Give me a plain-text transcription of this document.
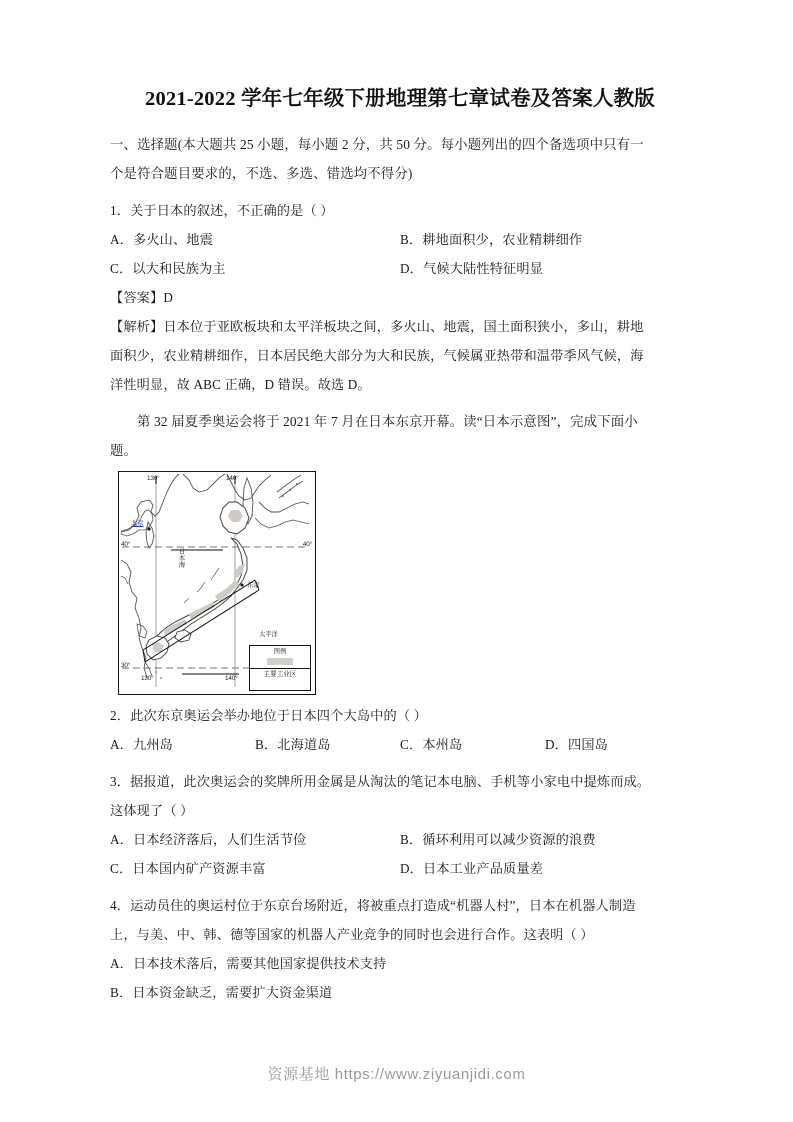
2021-2022 学年七年级下册地理第七章试卷及答案人教版

一、选择题(本大题共 25 小题，每小题 2 分，共 50 分。每小题列出的四个备选项中只有一

个是符合题目要求的，不选、多选、错选均不得分)

1．关于日本的叙述，不正确的是（ ）
A．多火山、地震	B．耕地面积少，农业精耕细作
C．以大和民族为主	D．气候大陆性特征明显
【答案】D
【解析】日本位于亚欧板块和太平洋板块之间，多火山、地震，国土面积狭小，多山，耕地
面积少，农业精耕细作，日本居民绝大部分为大和民族，气候属亚热带和温带季风气候，海
洋性明显，故 ABC 正确，D 错误。故选 D。

第 32 届夏季奥运会将于 2021 年 7 月在日本东京开幕。读“日本示意图”，完成下面小

题。

130°	140°
40°	40°
30°
130°	140°
北京
东京
日本海
太平洋
图例
主要工业区
2．此次东京奥运会举办地位于日本四个大岛中的（ ）
A．九州岛	B．北海道岛	C．本州岛	D．四国岛
3．据报道，此次奥运会的奖牌所用金属是从淘汰的笔记本电脑、手机等小家电中提炼而成。
这体现了（ ）
A．日本经济落后，人们生活节俭	B．循环利用可以减少资源的浪费
C．日本国内矿产资源丰富	D．日本工业产品质量差
4．运动员住的奥运村位于东京台场附近，将被重点打造成“机器人村”，日本在机器人制造
上，与美、中、韩、德等国家的机器人产业竞争的同时也会进行合作。这表明（ ）
A．日本技术落后，需要其他国家提供技术支持
B．日本资金缺乏，需要扩大资金渠道
资源基地 https://www.ziyuanjidi.com
